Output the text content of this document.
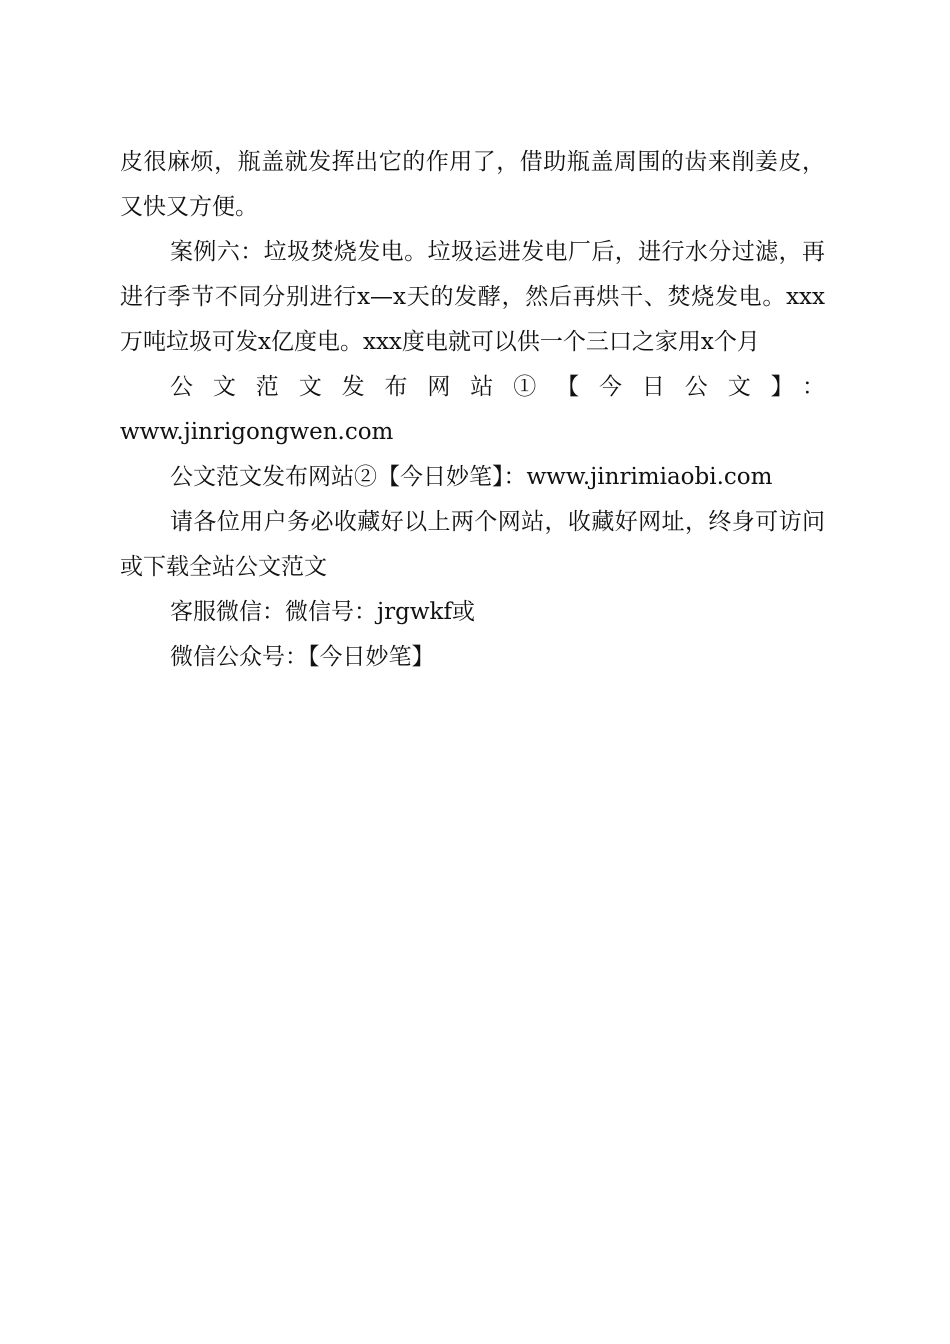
皮很麻烦，瓶盖就发挥出它的作用了，借助瓶盖周围的齿来削姜皮，又快又方便。

案例六：垃圾焚烧发电。垃圾运进发电厂后，进行水分过滤，再进行季节不同分别进行x—x天的发酵，然后再烘干、焚烧发电。xxx万吨垃圾可发x亿度电。xxx度电就可以供一个三口之家用x个月

公文范文发布网站①【今日公文】：

www.jinrigongwen.com

公文范文发布网站②【今日妙笔】：www.jinrimiaobi.com

请各位用户务必收藏好以上两个网站，收藏好网址，终身可访问或下载全站公文范文

客服微信：微信号：jrgwkf或

微信公众号：【今日妙笔】
